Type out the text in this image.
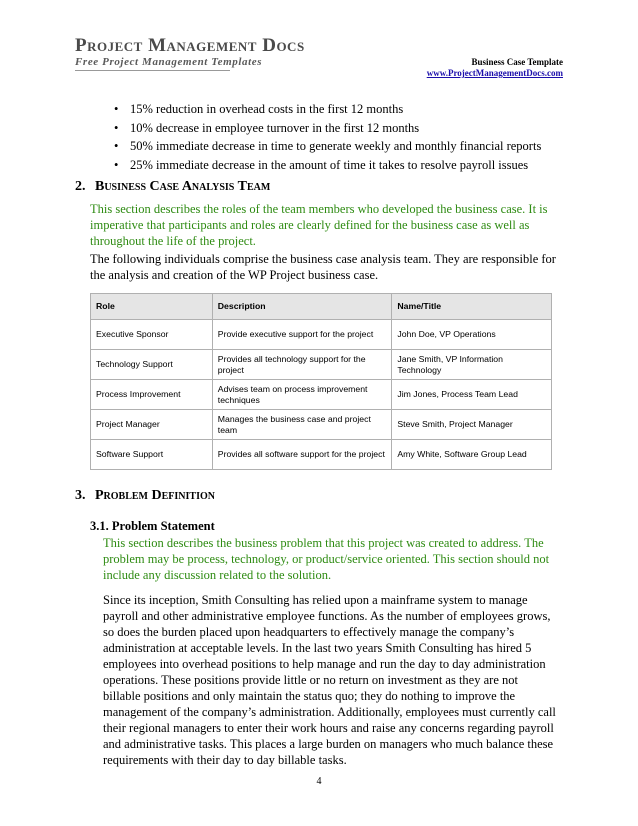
Project Management Docs
Free Project Management Templates	Business Case Template
www.ProjectManagementDocs.com
• 15% reduction in overhead costs in the first 12 months
• 10% decrease in employee turnover in the first 12 months
• 50% immediate decrease in time to generate weekly and monthly financial reports
• 25% immediate decrease in the amount of time it takes to resolve payroll issues
2. Business Case Analysis Team

This section describes the roles of the team members who developed the business case. It is imperative that participants and roles are clearly defined for the business case as well as throughout the life of the project.

The following individuals comprise the business case analysis team. They are responsible for the analysis and creation of the WP Project business case.

Role	Description	Name/Title
Executive Sponsor	Provide executive support for the project	John Doe, VP Operations
Technology Support	Provides all technology support for the project	Jane Smith, VP Information Technology
Process Improvement	Advises team on process improvement techniques	Jim Jones, Process Team Lead
Project Manager	Manages the business case and project team	Steve Smith, Project Manager
Software Support	Provides all software support for the project	Amy White, Software Group Lead
3. Problem Definition
3.1. Problem Statement

This section describes the business problem that this project was created to address. The problem may be process, technology, or product/service oriented. This section should not include any discussion related to the solution.

Since its inception, Smith Consulting has relied upon a mainframe system to manage payroll and other administrative employee functions. As the number of employees grows, so does the burden placed upon headquarters to effectively manage the company’s administration at acceptable levels. In the last two years Smith Consulting has hired 5 employees into overhead positions to help manage and run the day to day administration operations. These positions provide little or no return on investment as they are not billable positions and only maintain the status quo; they do nothing to improve the management of the company’s administration. Additionally, employees must currently call their regional managers to enter their work hours and raise any concerns regarding payroll and administrative tasks. This places a large burden on managers who much balance these requirements with their day to day billable tasks.

4
